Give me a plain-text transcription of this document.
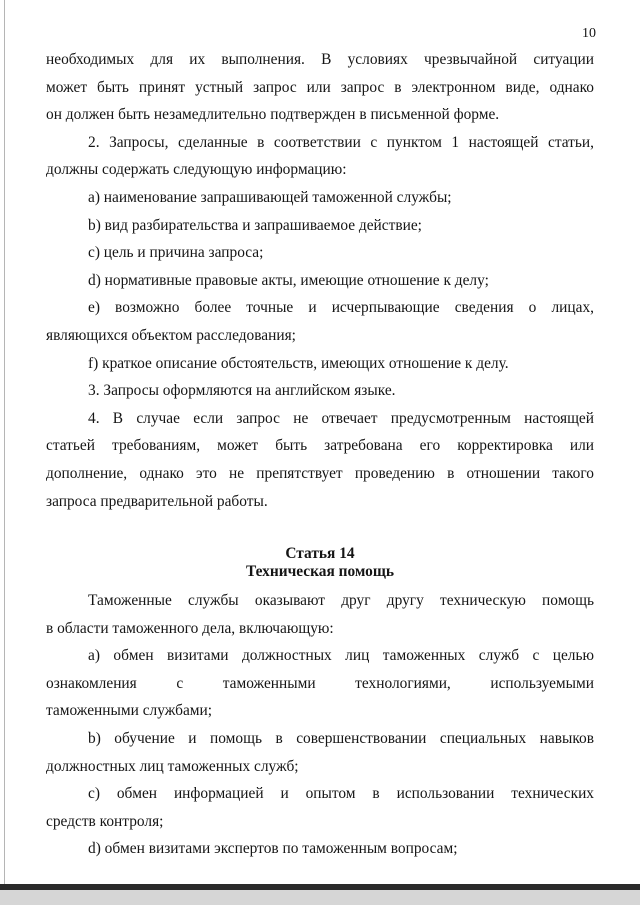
10
необходимых для их выполнения. В условиях чрезвычайной ситуации
может быть принят устный запрос или запрос в электронном виде, однако
он должен быть незамедлительно подтвержден в письменной форме.
2. Запросы, сделанные в соответствии с пунктом 1 настоящей статьи,
должны содержать следующую информацию:
a) наименование запрашивающей таможенной службы;
b) вид разбирательства и запрашиваемое действие;
c) цель и причина запроса;
d) нормативные правовые акты, имеющие отношение к делу;
e) возможно более точные и исчерпывающие сведения о лицах,
являющихся объектом расследования;
f) краткое описание обстоятельств, имеющих отношение к делу.
3. Запросы оформляются на английском языке.
4. В случае если запрос не отвечает предусмотренным настоящей
статьей требованиям, может быть затребована его корректировка или
дополнение, однако это не препятствует проведению в отношении такого
запроса предварительной работы.
Статья 14
Техническая помощь
Таможенные службы оказывают друг другу техническую помощь
в области таможенного дела, включающую:
a) обмен визитами должностных лиц таможенных служб с целью
ознакомления с таможенными технологиями, используемыми
таможенными службами;
b) обучение и помощь в совершенствовании специальных навыков
должностных лиц таможенных служб;
c) обмен информацией и опытом в использовании технических
средств контроля;
d) обмен визитами экспертов по таможенным вопросам;
